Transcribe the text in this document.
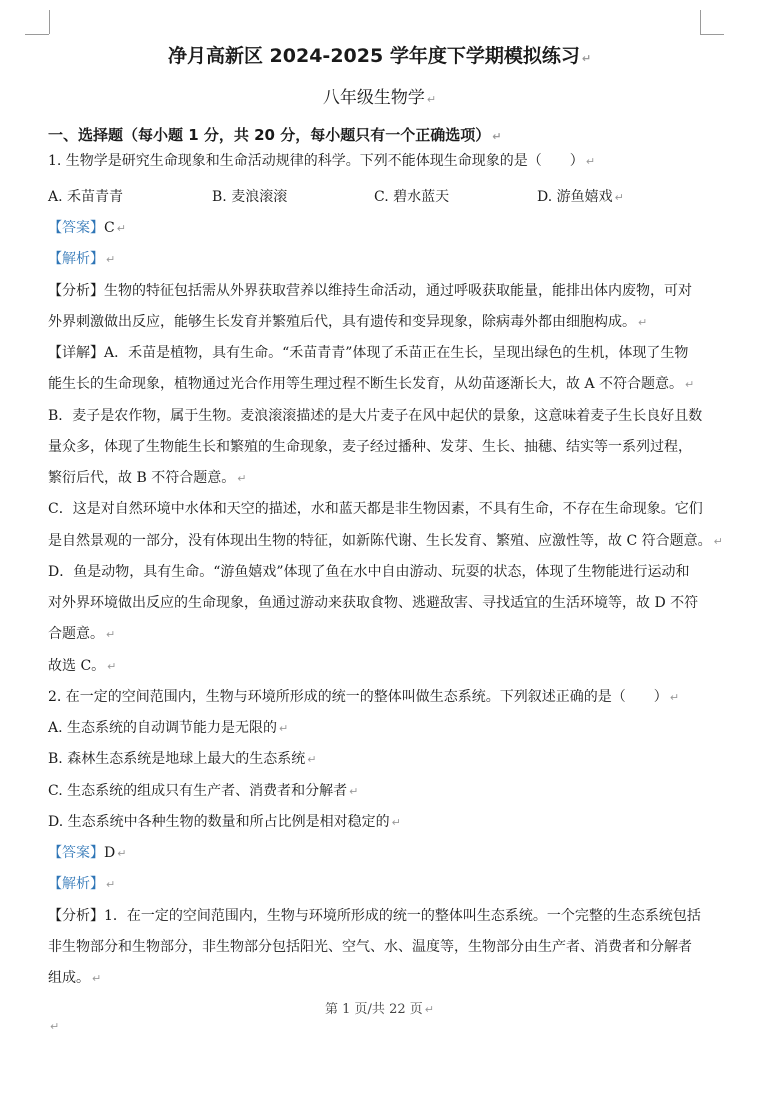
净月高新区 2024-2025 学年度下学期模拟练习 ↵
八年级生物学 ↵
一、选择题（每小题 1 分，共 20 分，每小题只有一个正确选项） ↵
1. 生物学是研究生命现象和生命活动规律的科学。下列不能体现生命现象的是（　　） ↵
A. 禾苗青青	B. 麦浪滚滚	C. 碧水蓝天	D. 游鱼嬉戏 ↵
【答案】C ↵
【解析】 ↵
【分析】生物的特征包括需从外界获取营养以维持生命活动，通过呼吸获取能量，能排出体内废物，可对
外界刺激做出反应，能够生长发育并繁殖后代，具有遗传和变异现象，除病毒外都由细胞构成。 ↵
【详解】A．禾苗是植物，具有生命。“禾苗青青”体现了禾苗正在生长，呈现出绿色的生机，体现了生物
能生长的生命现象，植物通过光合作用等生理过程不断生长发育，从幼苗逐渐长大，故 A 不符合题意。 ↵
B．麦子是农作物，属于生物。麦浪滚滚描述的是大片麦子在风中起伏的景象，这意味着麦子生长良好且数
量众多，体现了生物能生长和繁殖的生命现象，麦子经过播种、发芽、生长、抽穗、结实等一系列过程，
繁衍后代，故 B 不符合题意。 ↵
C．这是对自然环境中水体和天空的描述，水和蓝天都是非生物因素，不具有生命，不存在生命现象。它们
是自然景观的一部分，没有体现出生物的特征，如新陈代谢、生长发育、繁殖、应激性等，故 C 符合题意。 ↵
D．鱼是动物，具有生命。“游鱼嬉戏”体现了鱼在水中自由游动、玩耍的状态，体现了生物能进行运动和
对外界环境做出反应的生命现象，鱼通过游动来获取食物、逃避敌害、寻找适宜的生活环境等，故 D 不符
合题意。 ↵
故选 C。 ↵
2. 在一定的空间范围内，生物与环境所形成的统一的整体叫做生态系统。下列叙述正确的是（　　） ↵
A. 生态系统的自动调节能力是无限的 ↵
B. 森林生态系统是地球上最大的生态系统 ↵
C. 生态系统的组成只有生产者、消费者和分解者 ↵
D. 生态系统中各种生物的数量和所占比例是相对稳定的 ↵
【答案】D ↵
【解析】 ↵
【分析】1．在一定的空间范围内，生物与环境所形成的统一的整体叫生态系统。一个完整的生态系统包括
非生物部分和生物部分，非生物部分包括阳光、空气、水、温度等，生物部分由生产者、消费者和分解者
组成。 ↵
第 1 页/共 22 页 ↵
↵
